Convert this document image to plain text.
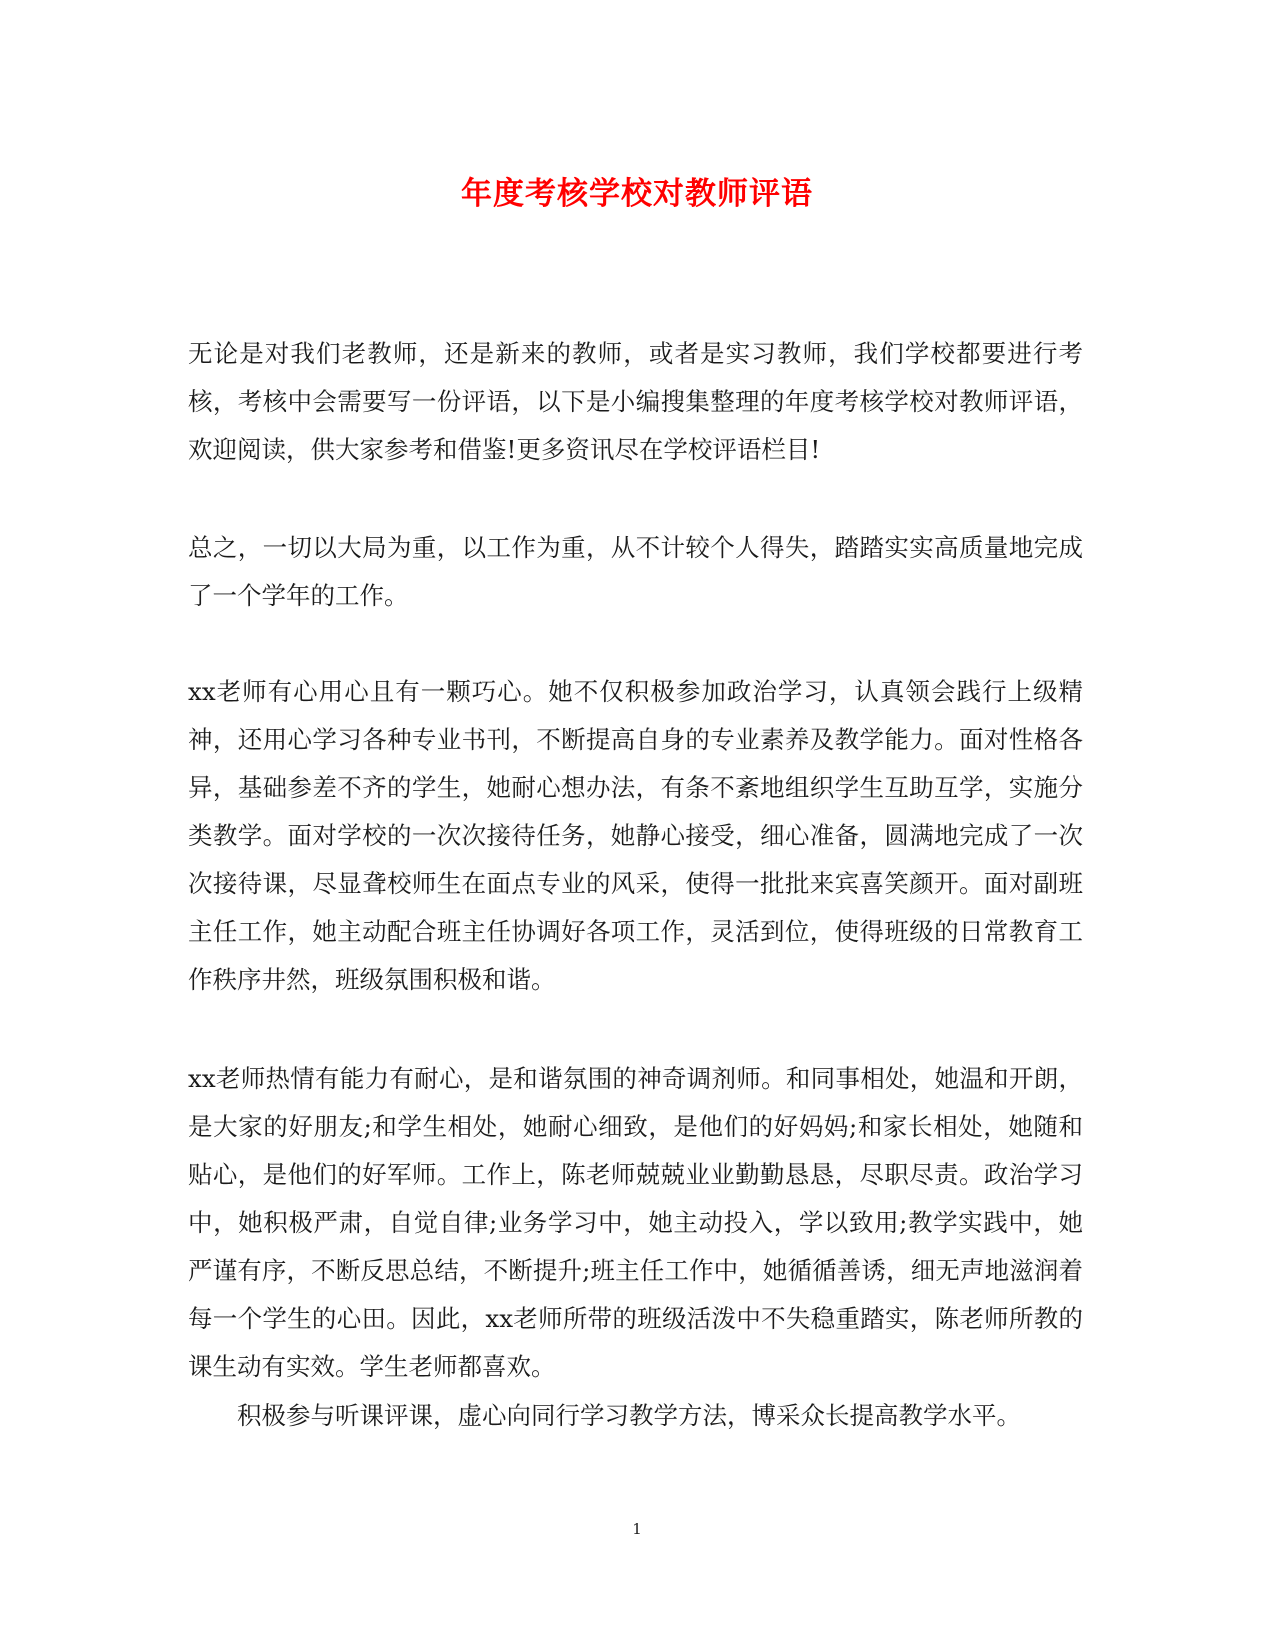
年度考核学校对教师评语

无论是对我们老教师，还是新来的教师，或者是实习教师，我们学校都要进行考核，考核中会需要写一份评语，以下是小编搜集整理的年度考核学校对教师评语，欢迎阅读，供大家参考和借鉴!更多资讯尽在学校评语栏目!

总之，一切以大局为重，以工作为重，从不计较个人得失，踏踏实实高质量地完成了一个学年的工作。

xx老师有心用心且有一颗巧心。她不仅积极参加政治学习，认真领会践行上级精神，还用心学习各种专业书刊，不断提高自身的专业素养及教学能力。面对性格各异，基础参差不齐的学生，她耐心想办法，有条不紊地组织学生互助互学，实施分类教学。面对学校的一次次接待任务，她静心接受，细心准备，圆满地完成了一次次接待课，尽显聋校师生在面点专业的风采，使得一批批来宾喜笑颜开。面对副班主任工作，她主动配合班主任协调好各项工作，灵活到位，使得班级的日常教育工作秩序井然，班级氛围积极和谐。

xx老师热情有能力有耐心，是和谐氛围的神奇调剂师。和同事相处，她温和开朗，是大家的好朋友;和学生相处，她耐心细致，是他们的好妈妈;和家长相处，她随和贴心，是他们的好军师。工作上，陈老师兢兢业业勤勤恳恳，尽职尽责。政治学习中，她积极严肃，自觉自律;业务学习中，她主动投入，学以致用;教学实践中，她严谨有序，不断反思总结，不断提升;班主任工作中，她循循善诱，细无声地滋润着每一个学生的心田。因此，xx老师所带的班级活泼中不失稳重踏实，陈老师所教的课生动有实效。学生老师都喜欢。

积极参与听课评课，虚心向同行学习教学方法，博采众长提高教学水平。

1
